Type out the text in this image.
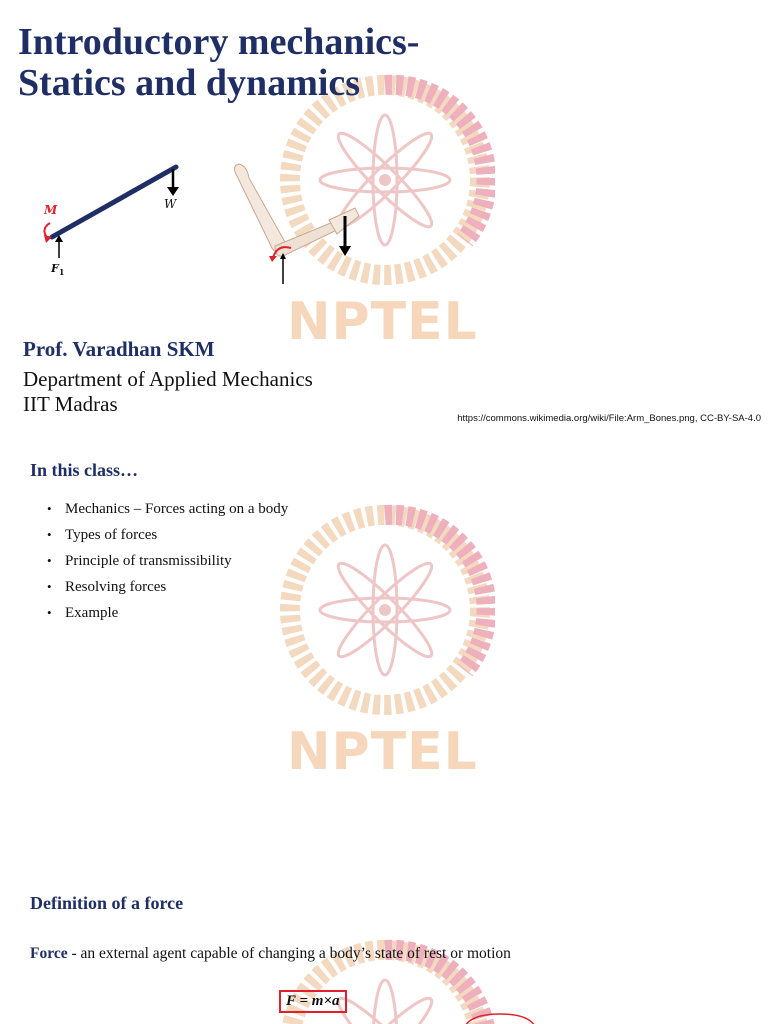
NPTEL
Introductory mechanics-
Statics and dynamics
W
$F_1$
M
Prof. Varadhan SKM
Department of Applied Mechanics
IIT Madras
https://commons.wikimedia.org/wiki/File:Arm_Bones.png, CC-BY-SA-4.0
NPTEL
In this class…
• Mechanics – Forces acting on a body
• Types of forces
• Principle of transmissibility
• Resolving forces
• Example
Definition of a force
Force - an external agent capable of changing a body’s state of rest or motion
F = m×a
